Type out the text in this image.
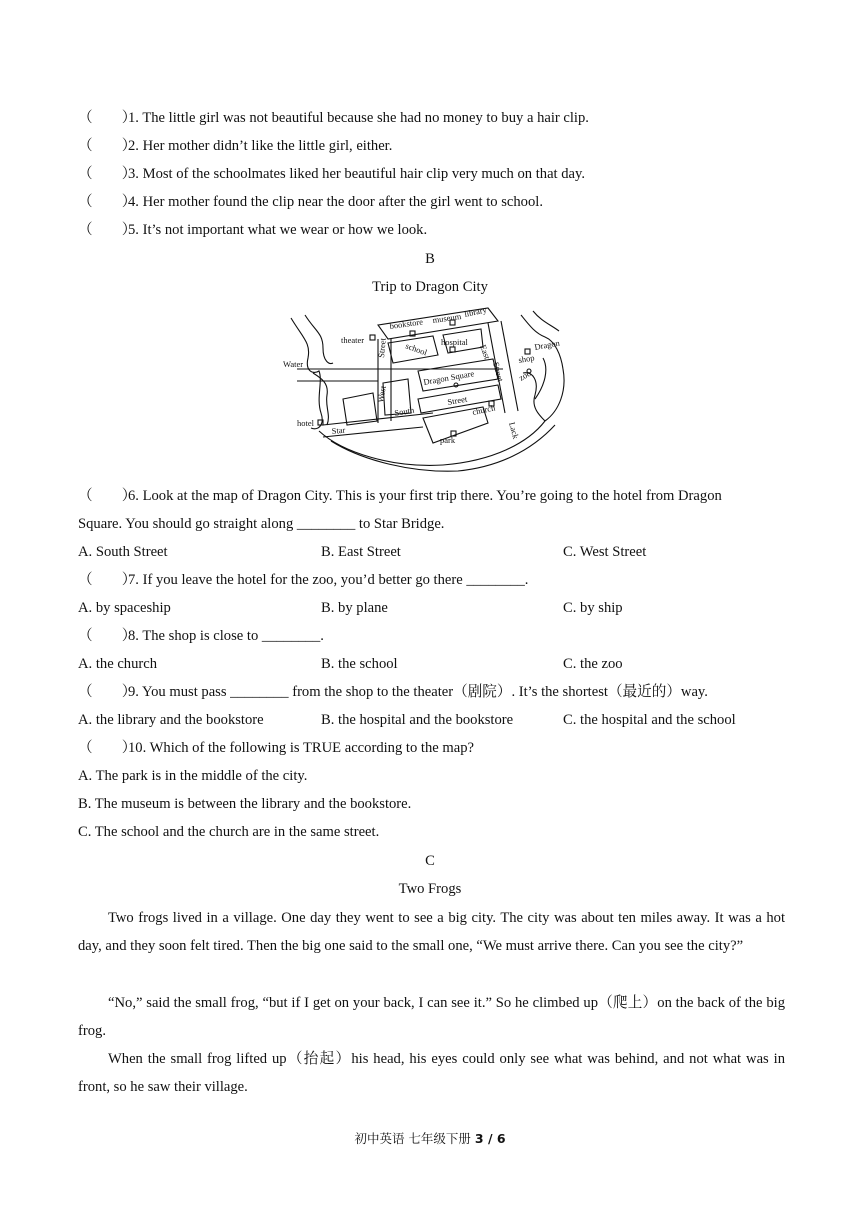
（　　）1. The little girl was not beautiful because she had no money to buy a hair clip.
（　　）2. Her mother didn’t like the little girl, either.
（　　）3. Most of the schoolmates liked her beautiful hair clip very much on that day.
（　　）4. Her mother found the clip near the door after the girl went to school.
（　　）5. It’s not important what we wear or how we look.
B
Trip to Dragon City
theater
bookstore museum library
hospital
school
Water
West
Street
Dragon Square
Street
South
East
Street
Dragon
shop
zoo
church
Lack
hotel
Star
park
（　　）6. Look at the map of Dragon City. This is your first trip there. You’re going to the hotel from Dragon
Square. You should go straight along ________ to Star Bridge.
A. South Street	B. East Street	C. West Street
（　　）7. If you leave the hotel for the zoo, you’d better go there ________.
A. by spaceship	B. by plane	C. by ship
（　　）8. The shop is close to ________.
A. the church	B. the school	C. the zoo
（　　）9. You must pass ________ from the shop to the theater（剧院）. It’s the shortest（最近的）way.
A. the library and the bookstore	B. the hospital and the bookstore	C. the hospital and the school
（　　）10. Which of the following is TRUE according to the map?
A. The park is in the middle of the city.
B. The museum is between the library and the bookstore.
C. The school and the church are in the same street.
C
Two Frogs
Two frogs lived in a village. One day they went to see a big city. The city was about ten miles away. It was a hot day, and they soon felt tired. Then the big one said to the small one, “We must arrive there. Can you see the city?”
“No,” said the small frog, “but if I get on your back, I can see it.” So he climbed up（爬上）on the back of the big frog.
When the small frog lifted up（抬起）his head, his eyes could only see what was behind, and not what was in front, so he saw their village.
初中英语 七年级下册 3 / 6
